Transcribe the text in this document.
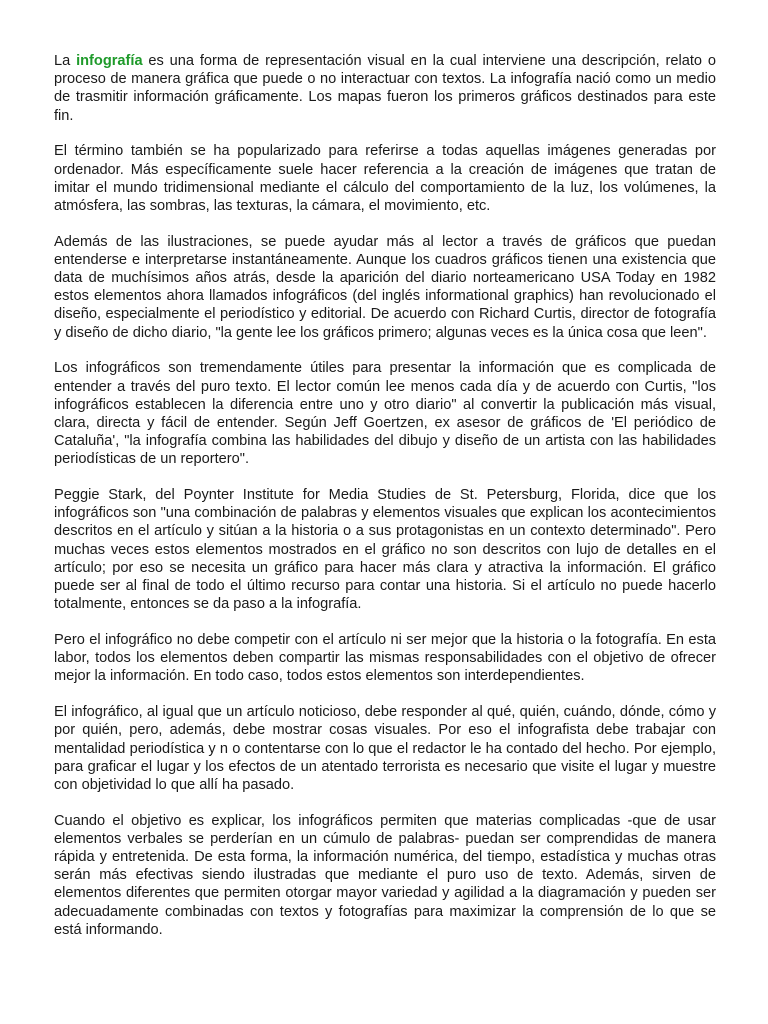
La infografía es una forma de representación visual en la cual interviene una descripción, relato o proceso de manera gráfica que puede o no interactuar con textos. La infografía nació como un medio de trasmitir información gráficamente. Los mapas fueron los primeros gráficos destinados para este fin.

El término también se ha popularizado para referirse a todas aquellas imágenes generadas por ordenador. Más específicamente suele hacer referencia a la creación de imágenes que tratan de imitar el mundo tridimensional mediante el cálculo del comportamiento de la luz, los volúmenes, la atmósfera, las sombras, las texturas, la cámara, el movimiento, etc.

Además de las ilustraciones, se puede ayudar más al lector a través de gráficos que puedan entenderse e interpretarse instantáneamente. Aunque los cuadros gráficos tienen una existencia que data de muchísimos años atrás, desde la aparición del diario norteamericano USA Today en 1982 estos elementos ahora llamados infográficos (del inglés informational graphics) han revolucionado el diseño, especialmente el periodístico y editorial. De acuerdo con Richard Curtis, director de fotografía y diseño de dicho diario, "la gente lee los gráficos primero; algunas veces es la única cosa que leen".

Los infográficos son tremendamente útiles para presentar la información que es complicada de entender a través del puro texto. El lector común lee menos cada día y de acuerdo con Curtis, "los infográficos establecen la diferencia entre uno y otro diario" al convertir la publicación más visual, clara, directa y fácil de entender. Según Jeff Goertzen, ex asesor de gráficos de 'El periódico de Cataluña', "la infografía combina las habilidades del dibujo y diseño de un artista con las habilidades periodísticas de un reportero".

Peggie Stark, del Poynter Institute for Media Studies de St. Petersburg, Florida, dice que los infográficos son "una combinación de palabras y elementos visuales que explican los acontecimientos descritos en el artículo y sitúan a la historia o a sus protagonistas en un contexto determinado". Pero muchas veces estos elementos mostrados en el gráfico no son descritos con lujo de detalles en el artículo; por eso se necesita un gráfico para hacer más clara y atractiva la información. El gráfico puede ser al final de todo el último recurso para contar una historia. Si el artículo no puede hacerlo totalmente, entonces se da paso a la infografía.

Pero el infográfico no debe competir con el artículo ni ser mejor que la historia o la fotografía. En esta labor, todos los elementos deben compartir las mismas responsabilidades con el objetivo de ofrecer mejor la información. En todo caso, todos estos elementos son interdependientes.

El infográfico, al igual que un artículo noticioso, debe responder al qué, quién, cuándo, dónde, cómo y por quién, pero, además, debe mostrar cosas visuales. Por eso el infografista debe trabajar con mentalidad periodística y n o contentarse con lo que el redactor le ha contado del hecho. Por ejemplo, para graficar el lugar y los efectos de un atentado terrorista es necesario que visite el lugar y muestre con objetividad lo que allí ha pasado.

Cuando el objetivo es explicar, los infográficos permiten que materias complicadas -que de usar elementos verbales se perderían en un cúmulo de palabras- puedan ser comprendidas de manera rápida y entretenida. De esta forma, la información numérica, del tiempo, estadística y muchas otras serán más efectivas siendo ilustradas que mediante el puro uso de texto. Además, sirven de elementos diferentes que permiten otorgar mayor variedad y agilidad a la diagramación y pueden ser adecuadamente combinadas con textos y fotografías para maximizar la comprensión de lo que se está informando.
